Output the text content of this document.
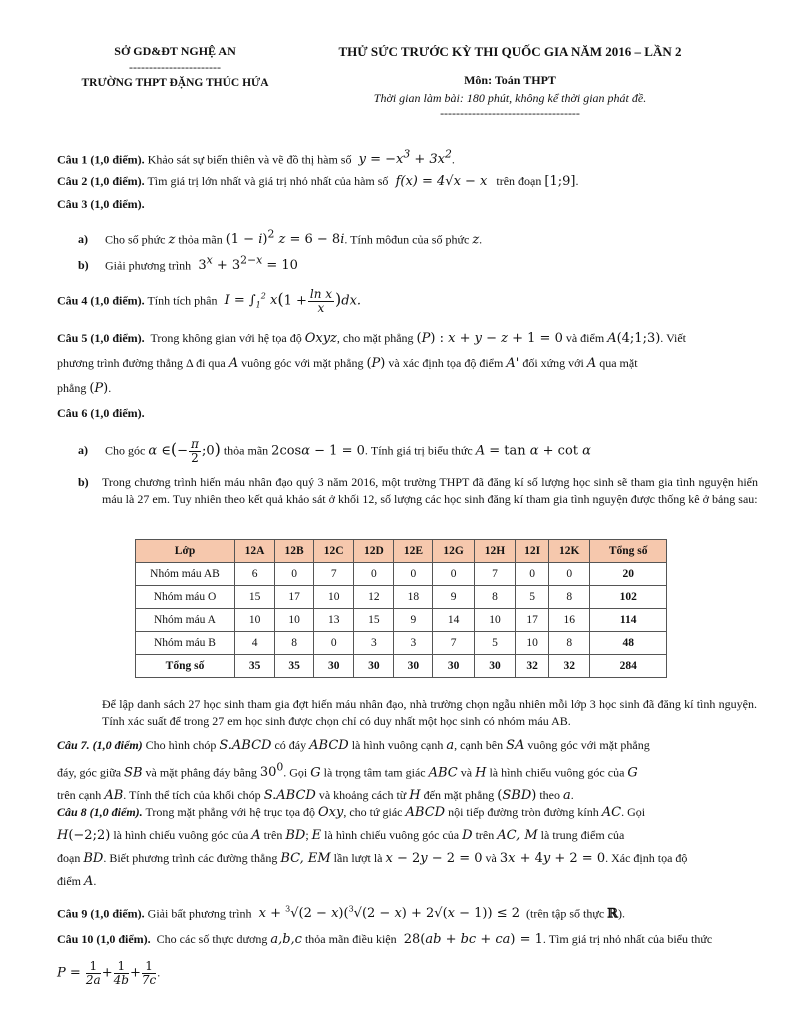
SỞ GD&ĐT NGHỆ AN
-----------------------
TRƯỜNG THPT ĐẶNG THÚC HỨA
THỬ SỨC TRƯỚC KỲ THI QUỐC GIA NĂM 2016 – LẦN 2
Môn: Toán THPT
Thời gian làm bài: 180 phút, không kể thời gian phát đề.
-----------------------------------
Câu 1 (1,0 điểm). Khảo sát sự biến thiên và vẽ đồ thị hàm số  $y = -x^3 + 3x^2$.
Câu 2 (1,0 điểm). Tìm giá trị lớn nhất và giá trị nhỏ nhất của hàm số  f(x) = 4√x − x trên đoạn [1;9].
Câu 3 (1,0 điểm).
a) Cho số phức z thỏa mãn $(1 - i)^2$ z = 6 − 8i. Tính môđun của số phức z.
b) Giải phương trình  $3^x + 3^{2-x} = 10$
Câu 4 (1,0 điểm). Tính tích phân  $I = \int_1^2$ $x(1 + \frac{\text{ln x}}{x} )dx$.
Câu 5 (1,0 điểm). Trong không gian với hệ tọa độ Oxyz, cho mặt phẳng (P) : x + y − z + 1 = 0 và điểm A(4;1;3). Viết
phương trình đường thẳng Δ đi qua A vuông góc với mặt phẳng (P) và xác định tọa độ điểm A' đối xứng với A qua mặt
phẳng (P).
Câu 6 (1,0 điểm).
a) Cho góc α ∈(− $\frac{\pi}{2}$ ;0) thỏa mãn 2cosα − 1 = 0. Tính giá trị biểu thức A = tan α + cot α
b)	Trong chương trình hiến máu nhân đạo quý 3 năm 2016, một trường THPT đã đăng kí số lượng học sinh sẽ tham gia tình nguyện hiến máu là 27 em. Tuy nhiên theo kết quả khảo sát ở khối 12, số lượng các học sinh đăng kí tham gia tình nguyện được thống kê ở bảng sau:
Lớp	12A	12B	12C	12D	12E	12G	12H	12I	12K	Tổng số
Nhóm máu AB	6	0	7	0	0	0	7	0	0	20
Nhóm máu O	15	17	10	12	18	9	8	5	8	102
Nhóm máu A	10	10	13	15	9	14	10	17	16	114
Nhóm máu B	4	8	0	3	3	7	5	10	8	48
Tổng số	35	35	30	30	30	30	30	32	32	284
Để lập danh sách 27 học sinh tham gia đợt hiến máu nhân đạo, nhà trường chọn ngẫu nhiên mỗi lớp 3 học sinh đã đăng kí tình nguyện. Tính xác suất để trong 27 em học sinh được chọn chỉ có duy nhất một học sinh có nhóm máu AB.
Câu 7. (1,0 điểm) Cho hình chóp S.ABCD có đáy ABCD là hình vuông cạnh a, cạnh bên SA vuông góc với mặt phẳng
đáy, góc giữa SB và mặt phẳng đáy bằng $30^0$. Gọi G là trọng tâm tam giác ABC và H là hình chiếu vuông góc của G
trên cạnh AB. Tính thể tích của khối chóp S.ABCD và khoảng cách từ H đến mặt phẳng (SBD) theo a.
Câu 8 (1,0 điểm). Trong mặt phẳng với hệ trục tọa độ Oxy, cho tứ giác ABCD nội tiếp đường tròn đường kính AC. Gọi
H(−2;2) là hình chiếu vuông góc của A trên BD; E là hình chiếu vuông góc của D trên AC, M là trung điểm của
đoạn BD. Biết phương trình các đường thẳng BC, EM lần lượt là x − 2y − 2 = 0 và 3x + 4y + 2 = 0. Xác định tọa độ
điểm A.
Câu 9 (1,0 điểm). Giải bất phương trình x + $^3$√(2 − x)($^3$√(2 − x) + 2√(x − 1)) ≤ 2 (trên tập số thực ℝ).
Câu 10 (1,0 điểm). Cho các số thực dương a,b,c thỏa mãn điều kiện  28(ab + bc + ca) = 1. Tìm giá trị nhỏ nhất của biểu thức
$P = \frac{1}{2a} + \frac{1}{4b} + \frac{1}{7c}$ .
